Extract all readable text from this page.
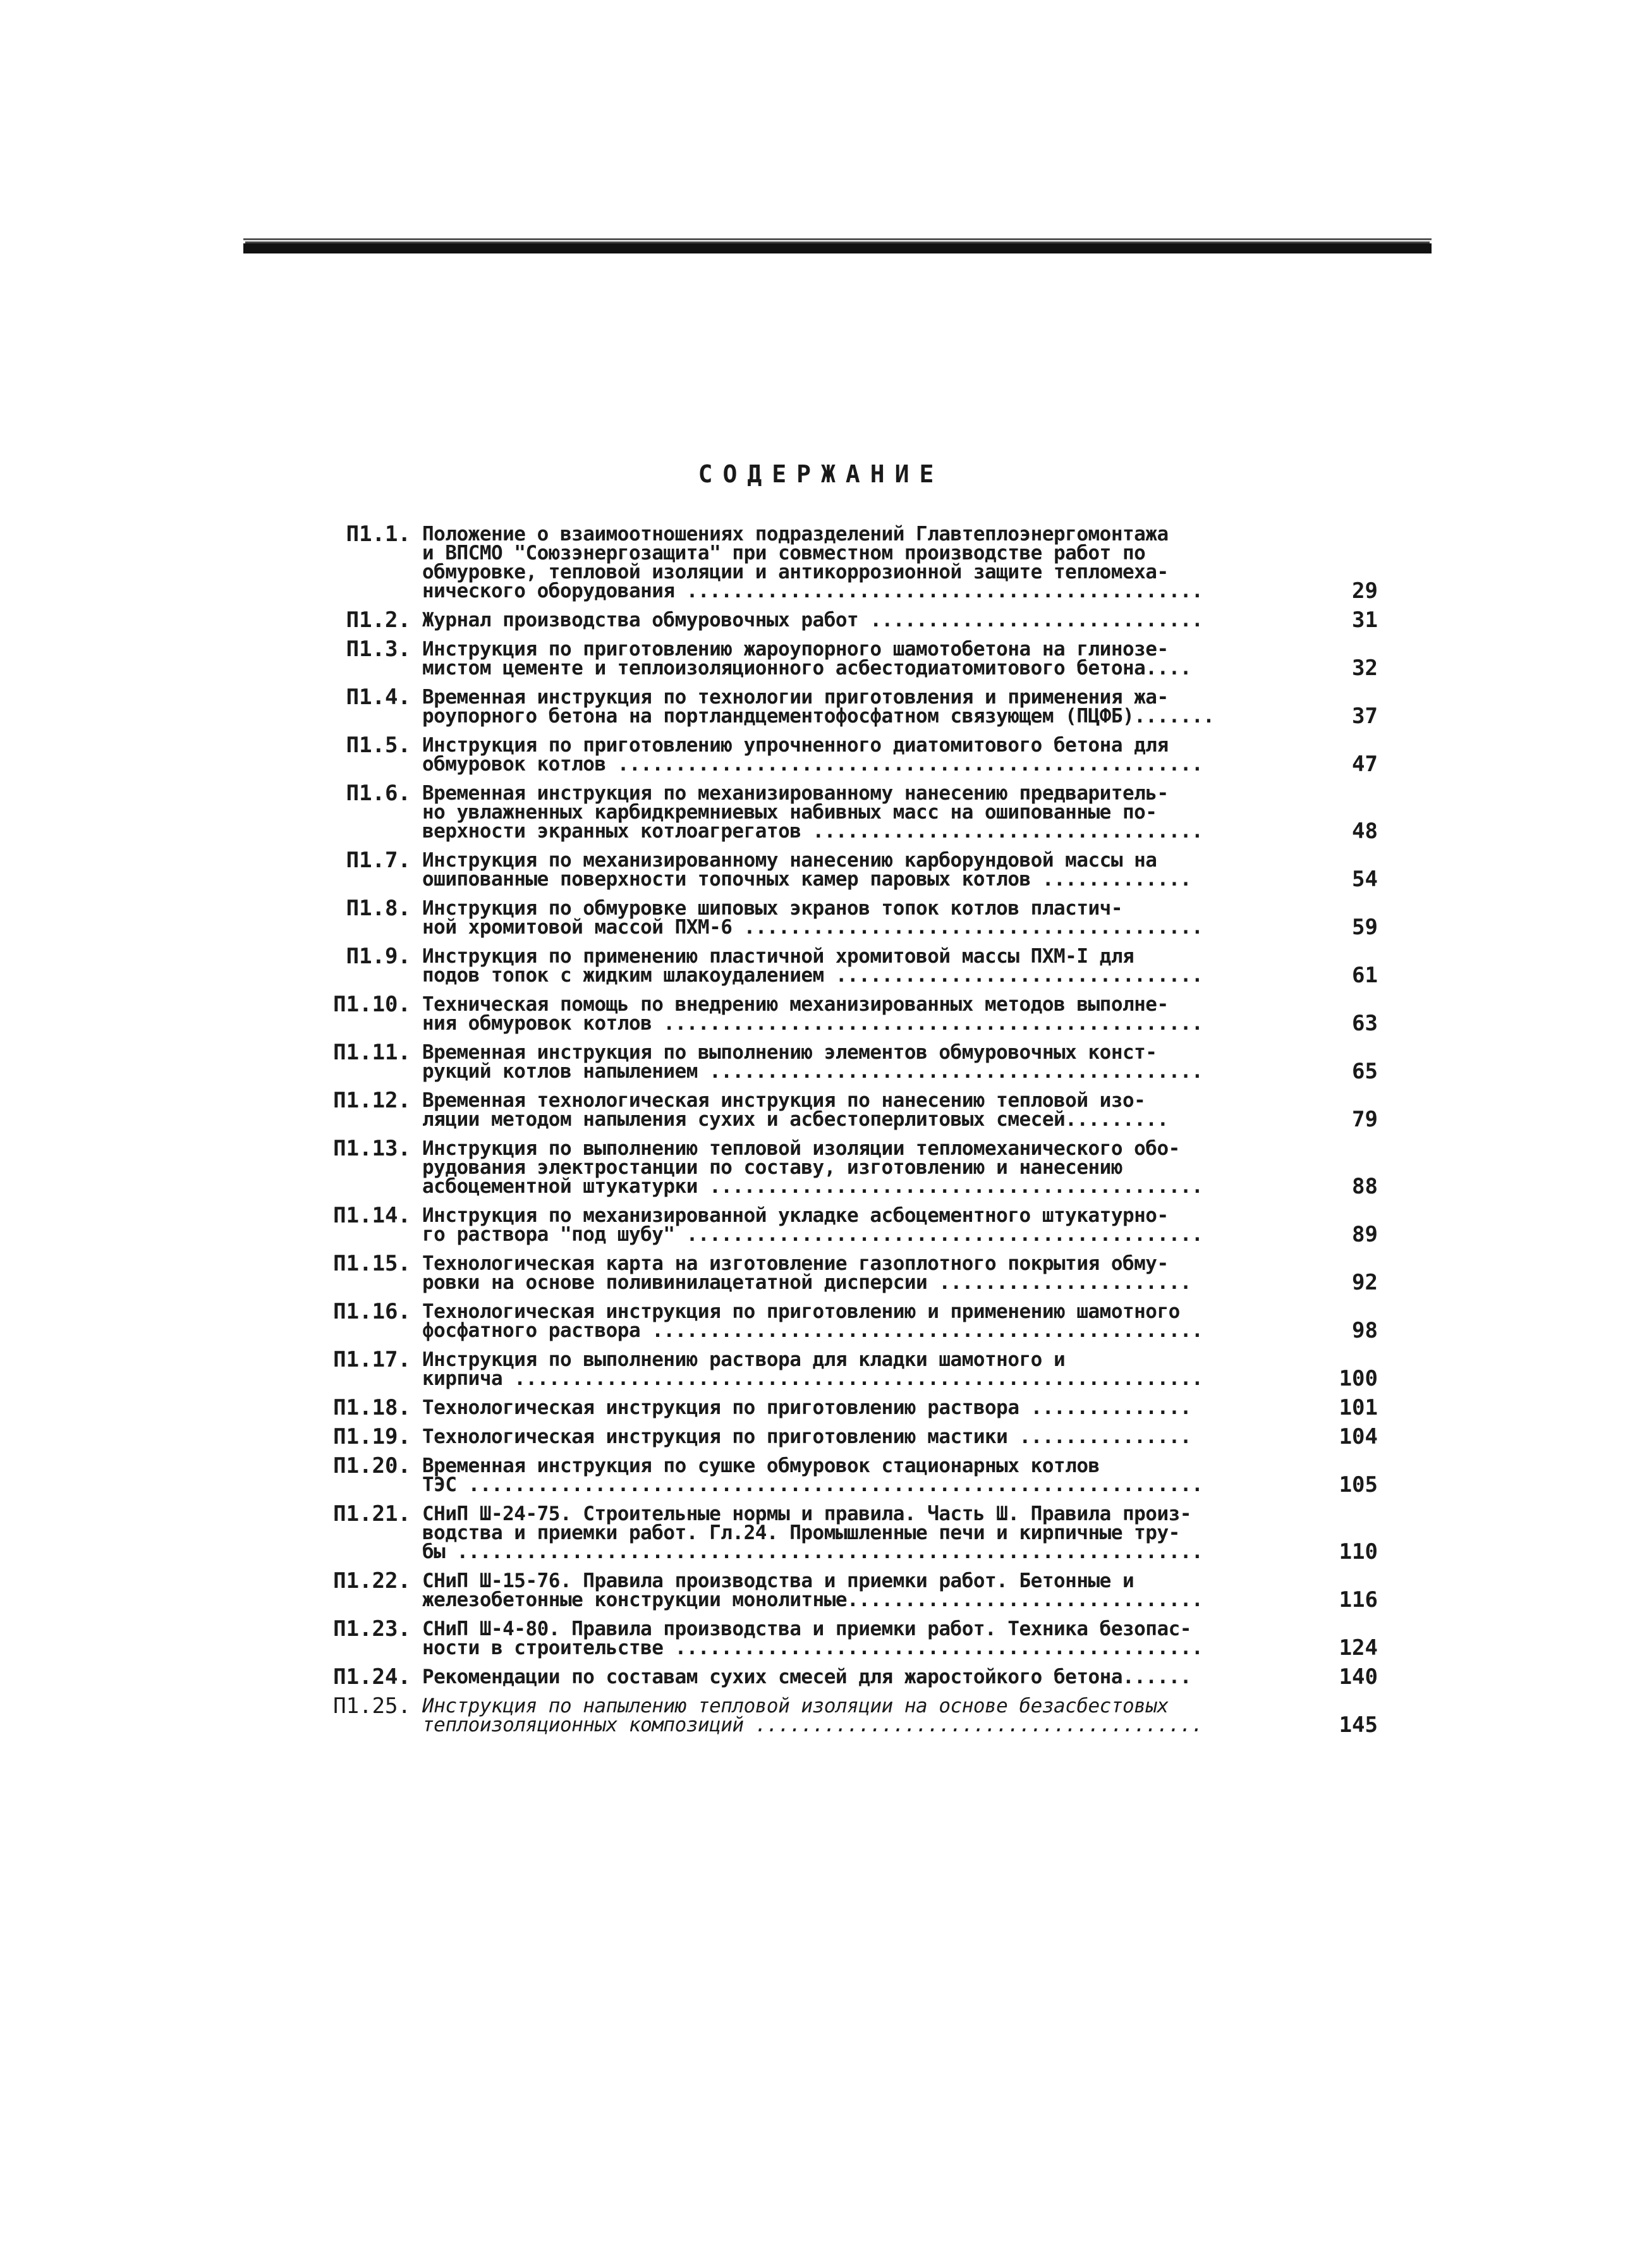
СОДЕРЖАНИЕ
П1.1. Положение о взаимоотношениях подразделений Главтеплоэнергомонтажа
и ВПСМО "Союзэнергозащита" при совместном производстве работ по
обмуровке, тепловой изоляции и антикоррозионной защите тепломеха-
нического оборудования .............................................	29
П1.2. Журнал производства обмуровочных работ .............................	31
П1.3. Инструкция по приготовлению жароупорного шамотобетона на глинозе-
мистом цементе и теплоизоляционного асбестодиатомитового бетона....	32
П1.4. Временная инструкция по технологии приготовления и применения жа-
роупорного бетона на портландцементофосфатном связующем (ПЦФБ).......	37
П1.5. Инструкция по приготовлению упрочненного диатомитового бетона для
обмуровок котлов ...................................................	47
П1.6. Временная инструкция по механизированному нанесению предваритель-
но увлажненных карбидкремниевых набивных масс на ошипованные по-
верхности экранных котлоагрегатов ..................................	48
П1.7. Инструкция по механизированному нанесению карборундовой массы на
ошипованные поверхности топочных камер паровых котлов .............	54
П1.8. Инструкция по обмуровке шиповых экранов топок котлов пластич-
ной хромитовой массой ПХМ-6 ........................................	59
П1.9. Инструкция по применению пластичной хромитовой массы ПХМ-I для
подов топок с жидким шлакоудалением ................................	61
П1.10. Техническая помощь по внедрению механизированных методов выполне-
ния обмуровок котлов ...............................................	63
П1.11. Временная инструкция по выполнению элементов обмуровочных конст-
рукций котлов напылением ...........................................	65
П1.12. Временная технологическая инструкция по нанесению тепловой изо-
ляции методом напыления сухих и асбестоперлитовых смесей.........	79
П1.13. Инструкция по выполнению тепловой изоляции тепломеханического обо-
рудования электростанции по составу, изготовлению и нанесению
асбоцементной штукатурки ...........................................	88
П1.14. Инструкция по механизированной укладке асбоцементного штукатурно-
го раствора "под шубу" .............................................	89
П1.15. Технологическая карта на изготовление газоплотного покрытия обму-
ровки на основе поливинилацетатной дисперсии ......................	92
П1.16. Технологическая инструкция по приготовлению и применению шамотного
фосфатного раствора ................................................	98
П1.17. Инструкция по выполнению раствора для кладки шамотного и
кирпича ............................................................	100
П1.18. Технологическая инструкция по приготовлению раствора ..............	101
П1.19. Технологическая инструкция по приготовлению мастики ...............	104
П1.20. Временная инструкция по сушке обмуровок стационарных котлов
ТЭС ................................................................	105
П1.21. СНиП Ш-24-75. Строительные нормы и правила. Часть Ш. Правила произ-
водства и приемки работ. Гл.24. Промышленные печи и кирпичные тру-
бы .................................................................	110
П1.22. СНиП Ш-15-76. Правила производства и приемки работ. Бетонные и
железобетонные конструкции монолитные...............................	116
П1.23. СНиП Ш-4-80. Правила производства и приемки работ. Техника безопас-
ности в строительстве ..............................................	124
П1.24. Рекомендации по составам сухих смесей для жаростойкого бетона......	140
П1.25. Инструкция по напылению тепловой изоляции на основе безасбестовых
теплоизоляционных композиций .......................................	145
